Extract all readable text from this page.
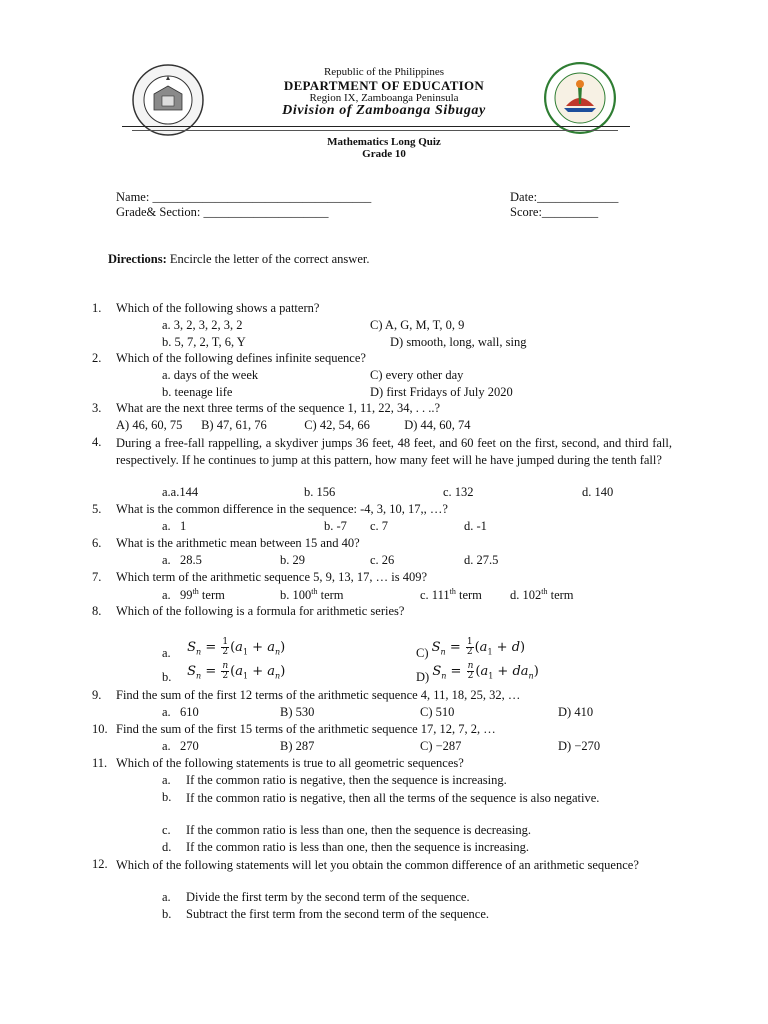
Republic of the Philippines
DEPARTMENT OF EDUCATION
Region IX, Zamboanga Peninsula
Division of Zamboanga Sibugay
Mathematics Long Quiz
Grade 10
Name: ___________________________________	Date:_____________
Grade& Section: ____________________	Score:_________
Directions: Encircle the letter of the correct answer.
1. Which of the following shows a pattern?
a. 3, 2, 3, 2, 3, 2	C) A, G, M, T, 0, 9
b. 5, 7, 2, T, 6, Y	D) smooth, long, wall, sing
2. Which of the following defines infinite sequence?
a. days of the week	C) every other day
b. teenage life	D) first Fridays of July 2020
3. What are the next three terms of the sequence 1, 11, 22, 34, . . ..?
A) 46, 60, 75      B) 47, 61, 76            C) 42, 54, 66           D) 44, 60, 74
4.	During a free-fall rappelling, a skydiver jumps 36 feet, 48 feet, and 60 feet on the first, second, and third fall, respectively. If he continues to jump at this pattern, how many feet will he have jumped during the tenth fall?
a.a.144	b. 156	c. 132	d. 140
5. What is the common difference in the sequence: -4, 3, 10, 17,, …?
a.   1	b. -7 c. 7	d. -1
6. What is the arithmetic mean between 15 and 40?
a.   28.5	b. 29	c. 26	d. 27.5
7. Which term of the arithmetic sequence 5, 9, 13, 17, … is 409?
a.   99th term	b. 100th term	c. 111th term d. 102th term
8. Which of the following is a formula for arithmetic series?
a. $S_n = \frac{1}{2} (a_1 + a_n)$	C) $S_n = \frac{1}{2} (a_1 + d)$
b. $S_n = \frac{n}{2} (a_1 + a_n)$	D) $S_n = \frac{n}{2} (a_1 + da_n)$
9. Find the sum of the first 12 terms of the arithmetic sequence 4, 11, 18, 25, 32, …
a.   610	B) 530	C) 510	D) 410
10. Find the sum of the first 15 terms of the arithmetic sequence 17, 12, 7, 2, …
a.   270	B) 287	C) −287	D) −270
11. Which of the following statements is true to all geometric sequences?
a. If the common ratio is negative, then the sequence is increasing.
b. If the common ratio is negative, then all the terms of the sequence is also negative.
c. If the common ratio is less than one, then the sequence is decreasing.
d. If the common ratio is less than one, then the sequence is increasing.
12. Which of the following statements will let you obtain the common difference of an arithmetic sequence?
a. Divide the first term by the second term of the sequence.
b. Subtract the first term from the second term of the sequence.
